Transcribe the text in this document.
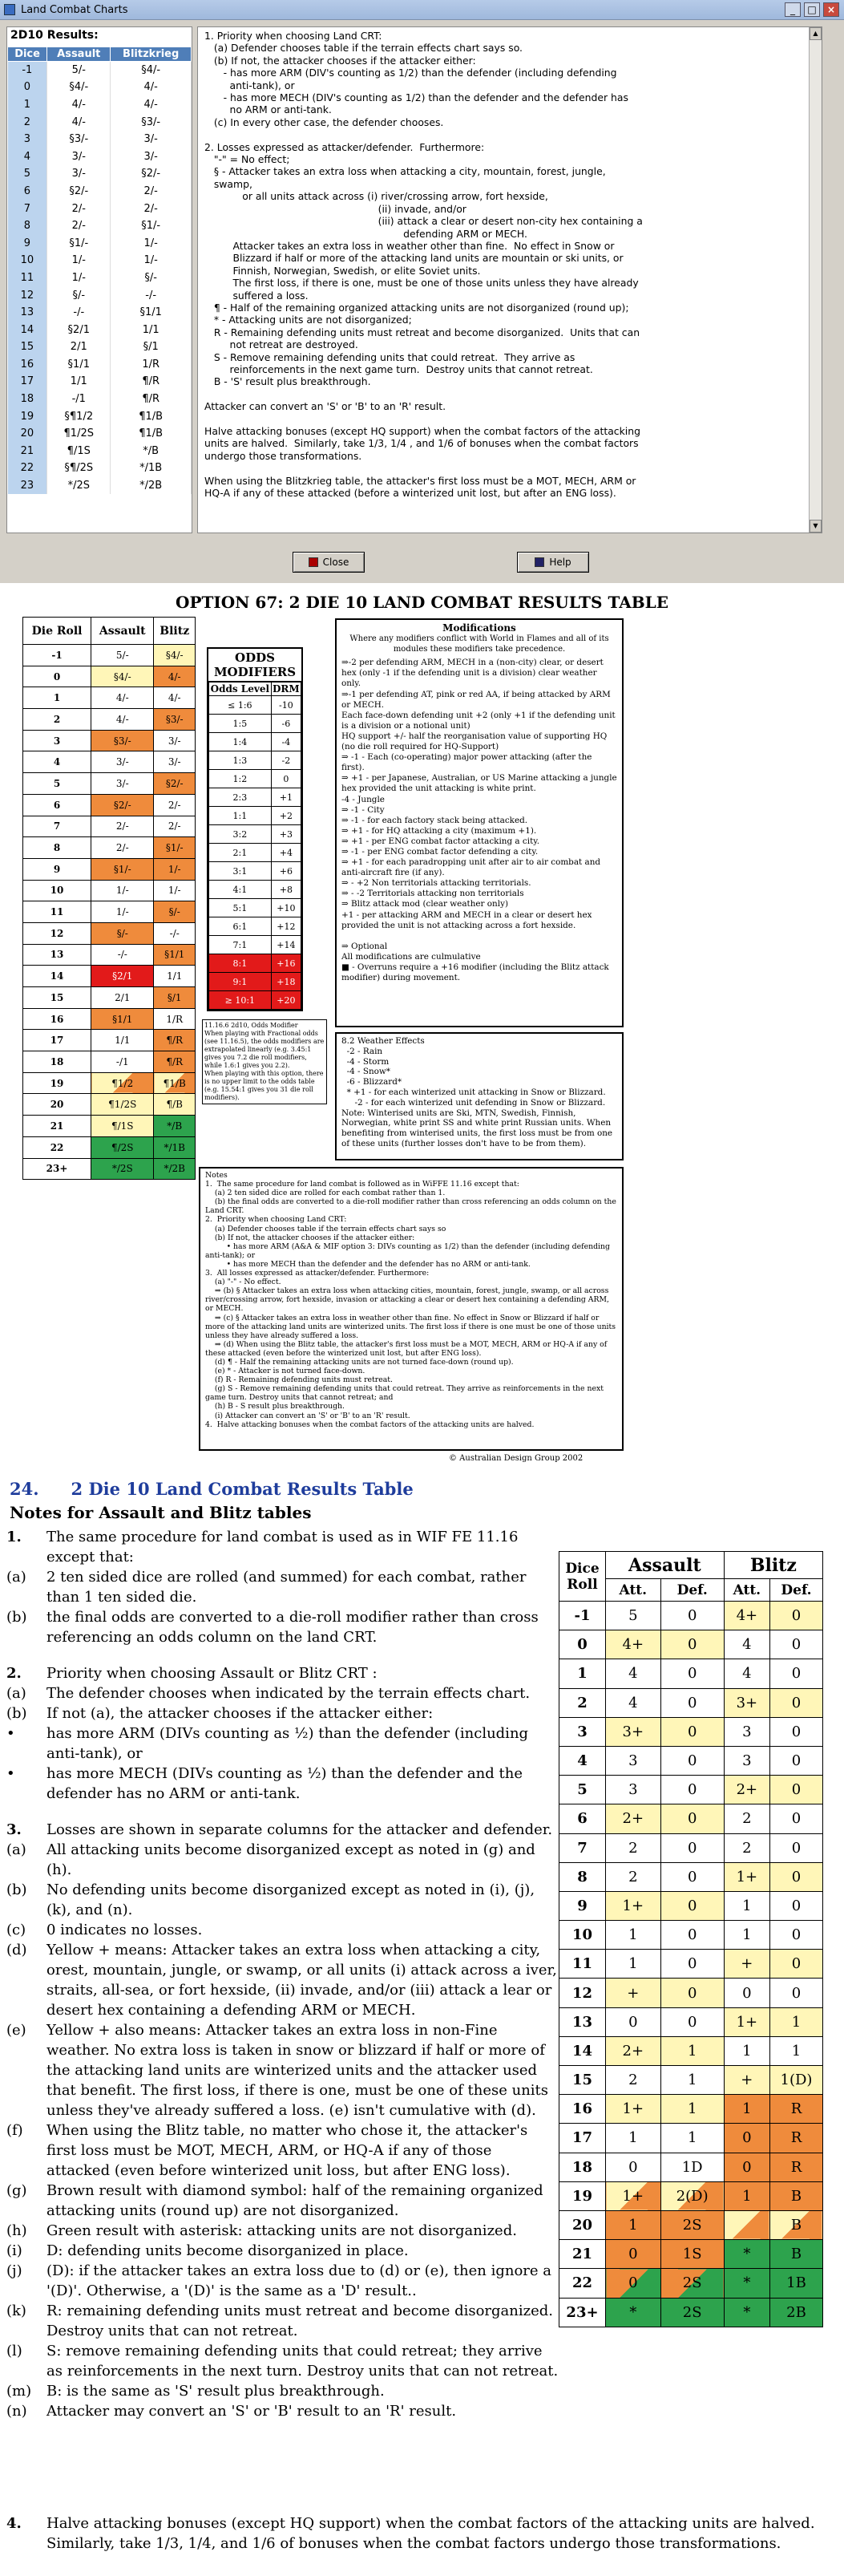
Land Combat Charts	_	□	×
2D10 Results:
Dice	Assault	Blitzkrieg
-1	5/-	§4/-
0	§4/-	4/-
1	4/-	4/-
2	4/-	§3/-
3	§3/-	3/-
4	3/-	3/-
5	3/-	§2/-
6	§2/-	2/-
7	2/-	2/-
8	2/-	§1/-
9	§1/-	1/-
10	1/-	1/-
11	1/-	§/-
12	§/-	-/-
13	-/-	§1/1
14	§2/1	1/1
15	2/1	§/1
16	§1/1	1/R
17	1/1	¶/R
18	-/1	¶/R
19	§¶1/2	¶1/B
20	¶1/2S	¶1/B
21	¶/1S	*/B
22	§¶/2S	*/1B
23	*/2S	*/2B
1. Priority when choosing Land CRT:
(a) Defender chooses table if the terrain effects chart says so.
(b) If not, the attacker chooses if the attacker either:
- has more ARM (DIV's counting as 1/2) than the defender (including defending
anti-tank), or
- has more MECH (DIV's counting as 1/2) than the defender and the defender has
no ARM or anti-tank.
(c) In every other case, the defender chooses.

2. Losses expressed as attacker/defender.  Furthermore:
"-" = No effect;
§ - Attacker takes an extra loss when attacking a city, mountain, forest, jungle,
swamp,
or all units attack across (i) river/crossing arrow, fort hexside,
(ii) invade, and/or
(iii) attack a clear or desert non-city hex containing a
defending ARM or MECH.
Attacker takes an extra loss in weather other than fine.  No effect in Snow or
Blizzard if half or more of the attacking land units are mountain or ski units, or
Finnish, Norwegian, Swedish, or elite Soviet units.
The first loss, if there is one, must be one of those units unless they have already
suffered a loss.
¶ - Half of the remaining organized attacking units are not disorganized (round up);
* - Attacking units are not disorganized;
R - Remaining defending units must retreat and become disorganized.  Units that can
not retreat are destroyed.
S - Remove remaining defending units that could retreat.  They arrive as
reinforcements in the next game turn.  Destroy units that cannot retreat.
B - 'S' result plus breakthrough.

Attacker can convert an 'S' or 'B' to an 'R' result.

Halve attacking bonuses (except HQ support) when the combat factors of the attacking
units are halved.  Similarly, take 1/3, 1/4 , and 1/6 of bonuses when the combat factors
undergo those transformations.

When using the Blitzkrieg table, the attacker's first loss must be a MOT, MECH, ARM or
HQ-A if any of these attacked (before a winterized unit lost, but after an ENG loss).
▲
▼
Close	Help
OPTION 67: 2 DIE 10 LAND COMBAT RESULTS TABLE
Die Roll	Assault	Blitz
-1	5/-	§4/-
0	§4/-	4/-
1	4/-	4/-
2	4/-	§3/-
3	§3/-	3/-
4	3/-	3/-
5	3/-	§2/-
6	§2/-	2/-
7	2/-	2/-
8	2/-	§1/-
9	§1/-	1/-
10	1/-	1/-
11	1/-	§/-
12	§/-	-/-
13	-/-	§1/1
14	§2/1	1/1
15	2/1	§/1
16	§1/1	1/R
17	1/1	¶/R
18	-/1	¶/R
19	¶1/2	¶1/B
20	¶1/2S	¶/B
21	¶/1S	*/B
22	¶/2S	*/1B
23+	*/2S	*/2B
ODDS MODIFIERS
Odds Level	DRM
≤ 1:6	-10
1:5	-6
1:4	-4
1:3	-2
1:2	0
2:3	+1
1:1	+2
3:2	+3
2:1	+4
3:1	+6
4:1	+8
5:1	+10
6:1	+12
7:1	+14
8:1	+16
9:1	+18
≥ 10:1	+20
11.16.6 2d10, Odds Modifier
When playing with Fractional odds (see 11.16.5), the odds modifiers are extrapolated linearly (e.g. 3.45:1 gives you 7.2 die roll modifiers, while 1.6:1 gives you 2.2).
When playing with this option, there is no upper limit to the odds table (e.g. 15.54:1 gives you 31 die roll modifiers).
Modifications
Where any modifiers conflict with World in Flames and all of its modules these modifiers take precedence.
⇒-2 per defending ARM, MECH in a (non-city) clear, or desert hex (only -1 if the defending unit is a division) clear weather only.
⇒-1 per defending AT, pink or red AA, if being attacked by ARM or MECH.
Each face-down defending unit +2 (only +1 if the defending unit is a division or a notional unit)
HQ support +/- half the reorganisation value of supporting HQ (no die roll required for HQ-Support)
⇒ -1 - Each (co-operating) major power attacking (after the first).
⇒ +1 - per Japanese, Australian, or US Marine attacking a jungle hex provided the unit attacking is white print.
-4 - Jungle
⇒ -1 - City
⇒ -1 - for each factory stack being attacked.
⇒ +1 - for HQ attacking a city (maximum +1).
⇒ +1 - per ENG combat factor attacking a city.
⇒ -1 - per ENG combat factor defending a city.
⇒ +1 - for each paradropping unit after air to air combat and anti-aircraft fire (if any).
⇒ - +2 Non territorials attacking territorials.
⇒ - -2 Territorials attacking non territorials
⇒ Blitz attack mod (clear weather only)
+1 - per attacking ARM and MECH in a clear or desert hex provided the unit is not attacking across a fort hexside.

⇒ Optional
All modifications are culmulative
■ - Overruns require a +16 modifier (including the Blitz attack modifier) during movement.
8.2 Weather Effects
-2 - Rain
-4 - Storm
-4 - Snow*
-6 - Blizzard*
* +1 - for each winterized unit attacking in Snow or Blizzard.
-2 - for each winterized unit defending in Snow or Blizzard.
Note: Winterised units are Ski, MTN, Swedish, Finnish, Norwegian, white print SS and white print Russian units. When benefiting from winterised units, the first loss must be from one of these units (further losses don't have to be from them).
Notes
1.  The same procedure for land combat is followed as in WiFFE 11.16 except that:
(a) 2 ten sided dice are rolled for each combat rather than 1.
(b) the final odds are converted to a die-roll modifier rather than cross referencing an odds column on the Land CRT.
2.  Priority when choosing Land CRT:
(a) Defender chooses table if the terrain effects chart says so
(b) If not, the attacker chooses if the attacker either:
• has more ARM (A&A & MIF option 3: DIVs counting as 1/2) than the defender (including defending anti-tank); or
• has more MECH than the defender and the defender has no ARM or anti-tank.
3.  All losses expressed as attacker/defender. Furthermore:
(a) "-" - No effect.
⇒ (b) § Attacker takes an extra loss when attacking cities, mountain, forest, jungle, swamp, or all across river/crossing arrow, fort hexside, invasion or attacking a clear or desert hex containing a defending ARM, or MECH.
⇒ (c) § Attacker takes an extra loss in weather other than fine. No effect in Snow or Blizzard if half or more of the attacking land units are winterized units. The first loss if there is one must be one of those units unless they have already suffered a loss.
⇒ (d) When using the Blitz table, the attacker's first loss must be a MOT, MECH, ARM or HQ-A if any of these attacked (even before the winterized unit lost, but after ENG loss).
(d) ¶ - Half the remaining attacking units are not turned face-down (round up).
(e) * - Attacker is not turned face-down.
(f) R - Remaining defending units must retreat.
(g) S - Remove remaining defending units that could retreat. They arrive as reinforcements in the next game turn. Destroy units that cannot retreat; and
(h) B - S result plus breakthrough.
(i) Attacker can convert an 'S' or 'B' to an 'R' result.
4.  Halve attacking bonuses when the combat factors of the attacking units are halved.
© Australian Design Group 2002
24. 2 Die 10 Land Combat Results Table
Notes for Assault and Blitz tables
1.	The same procedure for land combat is used as in WIF FE 11.16 except that:
(a)	2 ten sided dice are rolled (and summed) for each combat, rather than 1 ten sided die.
(b)	the final odds are converted to a die-roll modifier rather than cross referencing an odds column on the land CRT.
2.	Priority when choosing Assault or Blitz CRT :
(a)	The defender chooses when indicated by the terrain effects chart.
(b)	If not (a), the attacker chooses if the attacker either:
•	has more ARM (DIVs counting as ½) than the defender (including anti-tank), or
•	has more MECH (DIVs counting as ½) than the defender and the defender has no ARM or anti-tank.
3.	Losses are shown in separate columns for the attacker and defender.
(a)	All attacking units become disorganized except as noted in (g) and (h).
(b)	No defending units become disorganized except as noted in (i), (j), (k), and (n).
(c)	0 indicates no losses.
(d)	Yellow + means: Attacker takes an extra loss when attacking a city, orest, mountain, jungle, or swamp, or all units (i) attack across a iver, straits, all-sea, or fort hexside, (ii) invade, and/or (iii) attack a lear or desert hex containing a defending ARM or MECH.
(e)	Yellow + also means: Attacker takes an extra loss in non-Fine weather. No extra loss is taken in snow or blizzard if half or more of the attacking land units are winterized units and the attacker used that benefit. The first loss, if there is one, must be one of these units unless they've already suffered a loss. (e) isn't cumulative with (d).
(f)	When using the Blitz table, no matter who chose it, the attacker's first loss must be MOT, MECH, ARM, or HQ-A if any of those attacked (even before winterized unit loss, but after ENG loss).
(g)	Brown result with diamond symbol: half of the remaining organized attacking units (round up) are not disorganized.
(h)	Green result with asterisk: attacking units are not disorganized.
(i)	D: defending units become disorganized in place.
(j)	(D): if the attacker takes an extra loss due to (d) or (e), then ignore a '(D)'. Otherwise, a '(D)' is the same as a 'D' result..
(k)	R: remaining defending units must retreat and become disorganized. Destroy units that can not retreat.
(l)	S: remove remaining defending units that could retreat; they arrive as reinforcements in the next turn. Destroy units that can not retreat.
(m)	B: is the same as 'S' result plus breakthrough.
(n)	Attacker may convert an 'S' or 'B' result to an 'R' result.
Dice Roll	Assault		Blitz	
	Att.	Def.	Att.	Def.
-1	5	0	4+	0
0	4+	0	4	0
1	4	0	4	0
2	4	0	3+	0
3	3+	0	3	0
4	3	0	3	0
5	3	0	2+	0
6	2+	0	2	0
7	2	0	2	0
8	2	0	1+	0
9	1+	0	1	0
10	1	0	1	0
11	1	0	+	0
12	+	0	0	0
13	0	0	1+	1
14	2+	1	1	1
15	2	1	+	1(D)
16	1+	1	1	R
17	1	1	0	R
18	0	1D	0	R
19	1+	2(D)	1	B
20	1	2S		B
21	0	1S	*	B
22	0	2S	*	1B
23+	*	2S	*	2B
4.	Halve attacking bonuses (except HQ support) when the combat factors of the attacking units are halved. Similarly, take 1/3, 1/4, and 1/6 of bonuses when the combat factors undergo those transformations.
